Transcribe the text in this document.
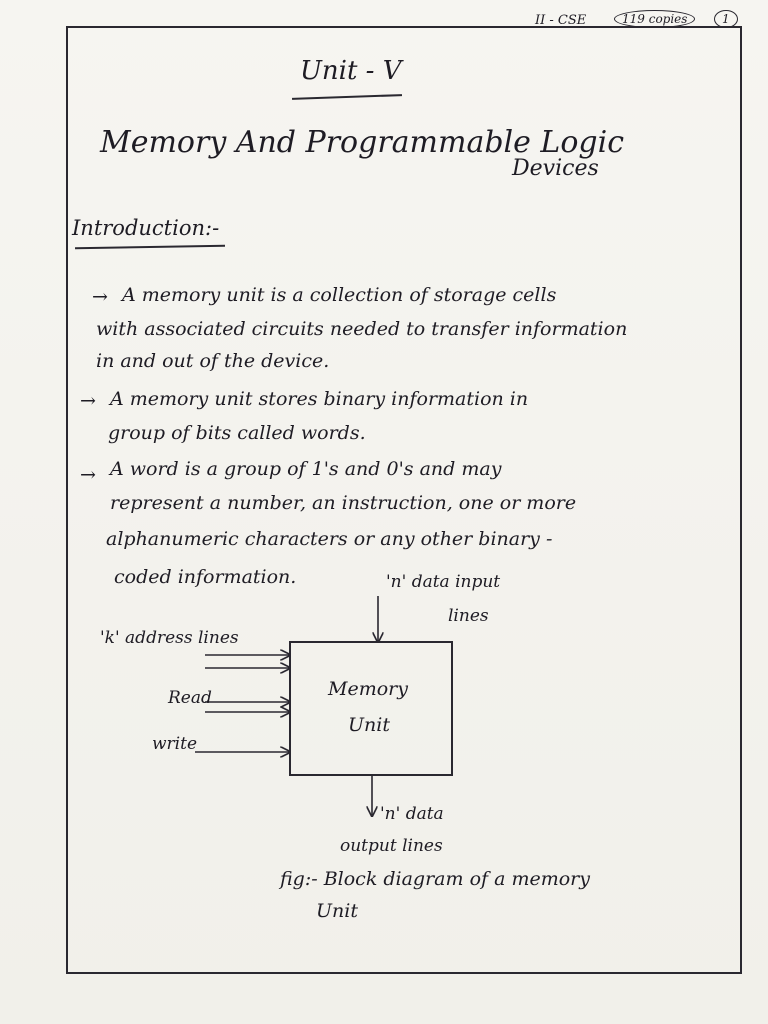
II - CSE	119 copies	1
Unit - V
Memory And Programmable Logic
Devices
Introduction:-
→ A memory unit is a collection of storage cells
with associated circuits needed to transfer information
in and out of the device.
→ A memory unit stores binary information in
group of bits called words.
→ A word is a group of 1's and 0's and may
represent a number, an instruction, one or more
alphanumeric characters or any other binary -
coded information.	'n' data input
lines
'k' address lines
Read
write
Memory
Unit
'n' data
output lines
fig:- Block diagram of a memory
Unit
